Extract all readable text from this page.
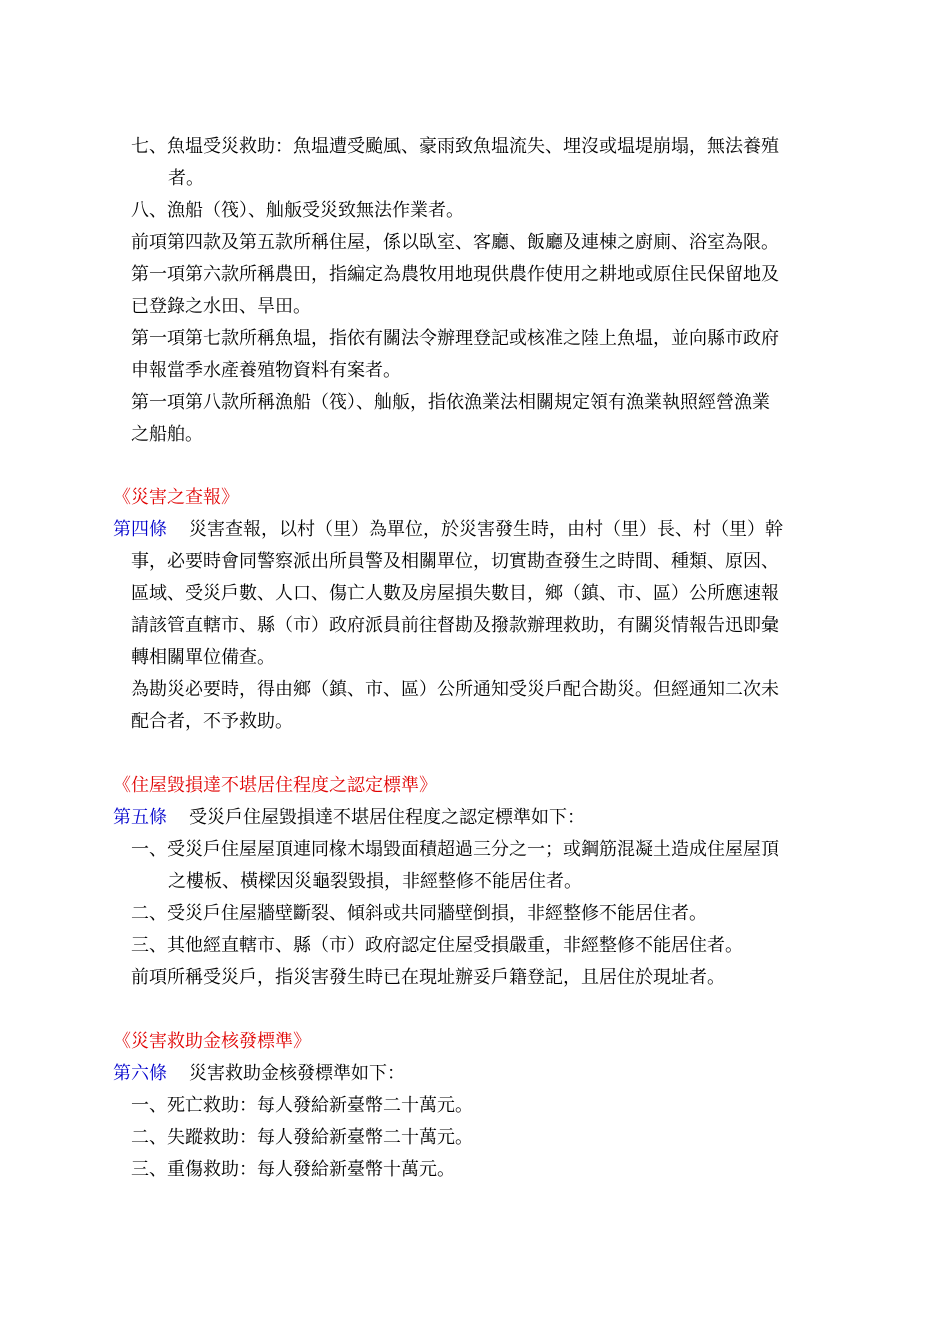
七、魚塭受災救助：魚塭遭受颱風、豪雨致魚塭流失、埋沒或塭堤崩塌，無法養殖
者。
八、漁船（筏）、舢舨受災致無法作業者。
前項第四款及第五款所稱住屋，係以臥室、客廳、飯廳及連棟之廚廁、浴室為限。
第一項第六款所稱農田，指編定為農牧用地現供農作使用之耕地或原住民保留地及
已登錄之水田、旱田。
第一項第七款所稱魚塭，指依有關法令辦理登記或核准之陸上魚塭，並向縣市政府
申報當季水產養殖物資料有案者。
第一項第八款所稱漁船（筏）、舢舨，指依漁業法相關規定領有漁業執照經營漁業
之船舶。
《災害之查報》
第四條 災害查報，以村（里）為單位，於災害發生時，由村（里）長、村（里）幹
事，必要時會同警察派出所員警及相關單位，切實勘查發生之時間、種類、原因、
區域、受災戶數、人口、傷亡人數及房屋損失數目，鄉（鎮、市、區）公所應速報
請該管直轄市、縣（市）政府派員前往督勘及撥款辦理救助，有關災情報告迅即彙
轉相關單位備查。
為勘災必要時，得由鄉（鎮、市、區）公所通知受災戶配合勘災。但經通知二次未
配合者，不予救助。
《住屋毀損達不堪居住程度之認定標準》
第五條 受災戶住屋毀損達不堪居住程度之認定標準如下：
一、受災戶住屋屋頂連同椽木塌毀面積超過三分之一；或鋼筋混凝土造成住屋屋頂
之樓板、橫樑因災龜裂毀損，非經整修不能居住者。
二、受災戶住屋牆壁斷裂、傾斜或共同牆壁倒損，非經整修不能居住者。
三、其他經直轄市、縣（市）政府認定住屋受損嚴重，非經整修不能居住者。
前項所稱受災戶，指災害發生時已在現址辦妥戶籍登記，且居住於現址者。
《災害救助金核發標準》
第六條 災害救助金核發標準如下：
一、死亡救助：每人發給新臺幣二十萬元。
二、失蹤救助：每人發給新臺幣二十萬元。
三、重傷救助：每人發給新臺幣十萬元。
